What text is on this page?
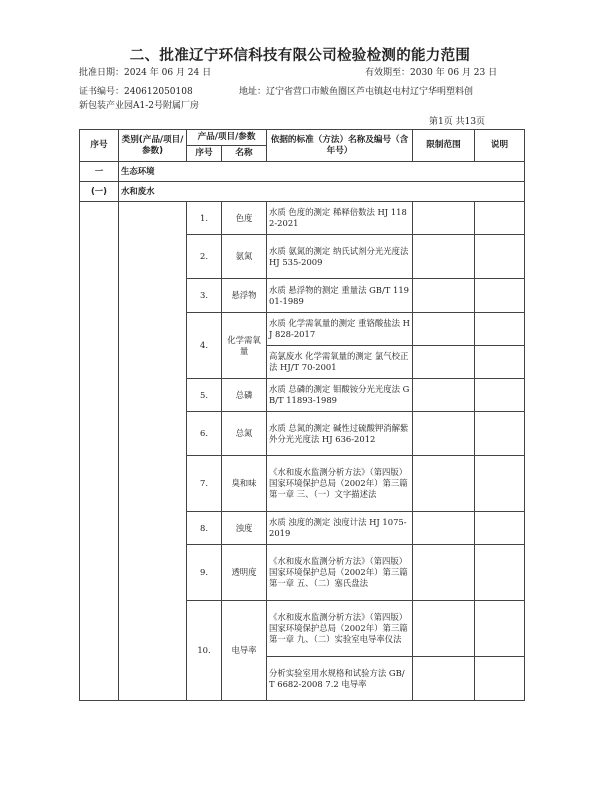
二、批准辽宁环信科技有限公司检验检测的能力范围
批准日期：2024 年 06 月 24 日	有效期至：2030 年 06 月 23 日
证书编号：240612050108	地址：辽宁省营口市鲅鱼圈区芦屯镇赵屯村辽宁华明塑料创
新包装产业园A1-2号附属厂房
第1页 共13页
序号	类别(产品/项目/参数)	产品/项目/参数		依据的标准（方法）名称及编号（含年号）	限制范围	说明
		序号	名称			
一	生态环境					
(一)	水和废水					
		1.	色度	水质 色度的测定 稀释倍数法 HJ 1182-2021		
		2.	氨氮	水质 氨氮的测定 纳氏试剂分光光度法 HJ 535-2009		
		3.	悬浮物	水质 悬浮物的测定 重量法 GB/T 11901-1989		
		4.	化学需氧量	水质 化学需氧量的测定 重铬酸盐法 HJ 828-2017		
				高氯废水 化学需氧量的测定 氯气校正法 HJ/T 70-2001		
		5.	总磷	水质 总磷的测定 钼酸铵分光光度法 GB/T 11893-1989		
		6.	总氮	水质 总氮的测定 碱性过硫酸钾消解紫外分光光度法 HJ 636-2012		
		7.	臭和味	《水和废水监测分析方法》（第四版）国家环境保护总局（2002年）第三篇 第一章 三、（一）文字描述法		
		8.	浊度	水质 浊度的测定 浊度计法 HJ 1075-2019		
		9.	透明度	《水和废水监测分析方法》（第四版）国家环境保护总局（2002年）第三篇 第一章 五、（二）塞氏盘法		
		10.	电导率	《水和废水监测分析方法》（第四版）国家环境保护总局（2002年）第三篇 第一章 九、（二）实验室电导率仪法		
				分析实验室用水规格和试验方法 GB/T 6682-2008 7.2 电导率		
